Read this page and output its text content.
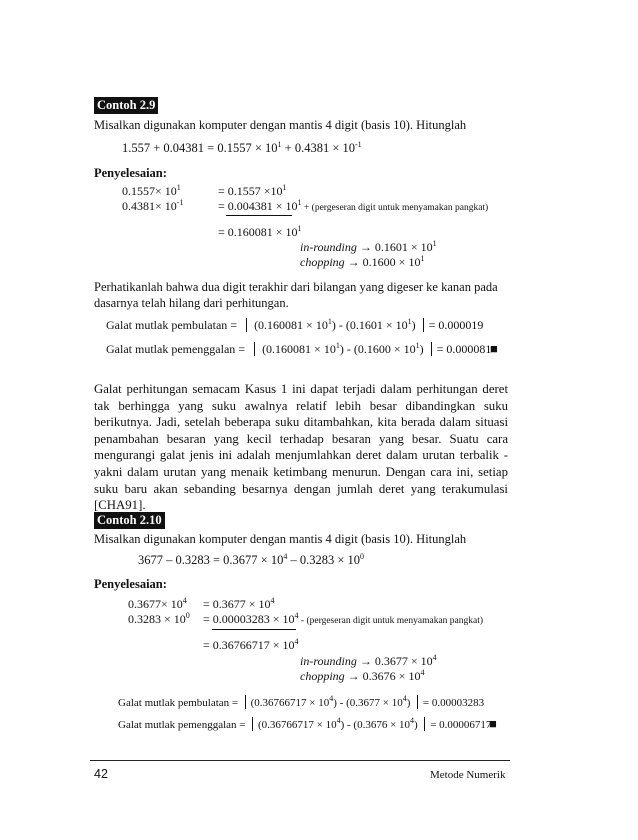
Contoh 2.9
Misalkan digunakan komputer dengan mantis 4 digit (basis 10). Hitunglah
$1.557 + 0.04381 = 0.1557 \times 10^1 + 0.4381 \times 10^{-1}$
Penyelesaian:
$0.1557\times 10^1$	= $0.1557 \times 10^1$
$0.4381\times 10^{-1}$	= $0.004381 \times 10^1$ + (pergeseran digit untuk menyamakan pangkat)
= $0.160081 \times 10^1$
in-rounding → $0.1601 \times 10^1$
chopping → $0.1600 \times 10^1$
Perhatikanlah bahwa dua digit terakhir dari bilangan yang digeser ke kanan pada dasarnya telah hilang dari perhitungan.
Galat mutlak pembulatan = $(0.160081 \times 10^1) - (0.1601 \times 10^1) = 0.000019$
Galat mutlak pemenggalan = $(0.160081 \times 10^1) - (0.1600 \times 10^1) = 0.000081$
■
Galat perhitungan semacam Kasus 1 ini dapat terjadi dalam perhitungan deret tak berhingga yang suku awalnya relatif lebih besar dibandingkan suku berikutnya. Jadi, setelah beberapa suku ditambahkan, kita berada dalam situasi penambahan besaran yang kecil terhadap besaran yang besar. Suatu cara mengurangi galat jenis ini adalah menjumlahkan deret dalam urutan terbalik -yakni dalam urutan yang menaik ketimbang menurun. Dengan cara ini, setiap suku baru akan sebanding besarnya dengan jumlah deret yang terakumulasi [CHA91].
Contoh 2.10
Misalkan digunakan komputer dengan mantis 4 digit (basis 10). Hitunglah
$3677 - 0.3283 = 0.3677 \times 10^4 - 0.3283 \times 10^0$
Penyelesaian:
$0.3677\times 10^4 = 0.3677 \times 10^4$
$0.3283 \times 10^0 = 0.00003283 \times 10^4$ - (pergeseran digit untuk menyamakan pangkat)
= $0.36766717 \times 10^4$
in-rounding → $0.3677 \times 10^4$
chopping → $0.3676 \times 10^4$
Galat mutlak pembulatan = $(0.36766717 \times 10^4) - (0.3677 \times 10^4) = 0.00003283$
Galat mutlak pemenggalan = $(0.36766717 \times 10^4) - (0.3676 \times 10^4) = 0.00006717$
■
42	Metode Numerik
